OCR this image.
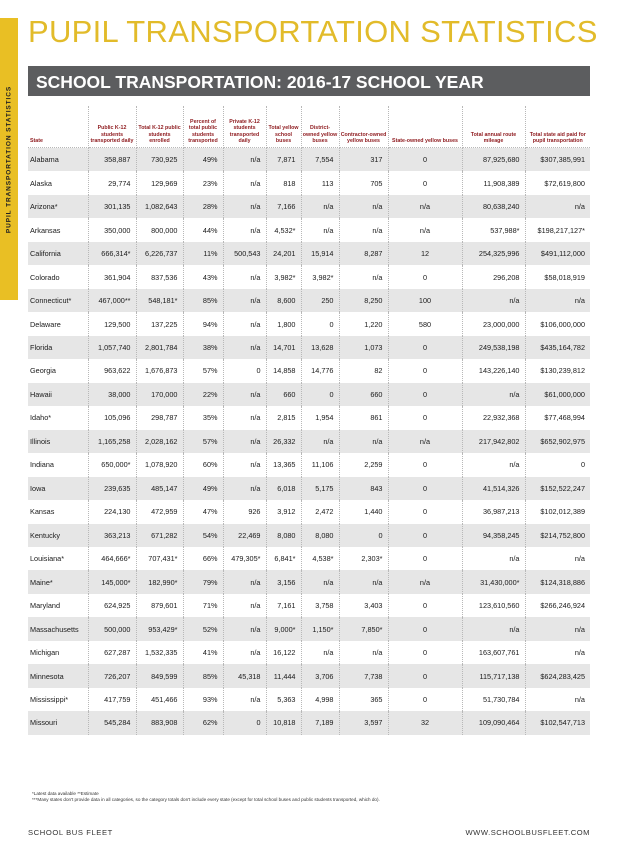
PUPIL TRANSPORTATION STATISTICS
PUPIL TRANSPORTATION STATISTICS
SCHOOL TRANSPORTATION: 2016-17 SCHOOL YEAR
State	Public K-12 students transported daily	Total K-12 public students enrolled	Percent of total public students transported	Private K-12 students transported daily	Total yellow school buses	District-owned yellow buses	Contractor-owned yellow buses	State-owned yellow buses	Total annual route mileage	Total state aid paid for pupil transportation
Alabama	358,887	730,925	49%	n/a	7,871	7,554	317	0	87,925,680	$307,385,991
Alaska	29,774	129,969	23%	n/a	818	113	705	0	11,908,389	$72,619,800
Arizona*	301,135	1,082,643	28%	n/a	7,166	n/a	n/a	n/a	80,638,240	n/a
Arkansas	350,000	800,000	44%	n/a	4,532*	n/a	n/a	n/a	537,988*	$198,217,127*
California	666,314*	6,226,737	11%	500,543	24,201	15,914	8,287	12	254,325,996	$491,112,000
Colorado	361,904	837,536	43%	n/a	3,982*	3,982*	n/a	0	296,208	$58,018,919
Connecticut*	467,000**	548,181*	85%	n/a	8,600	250	8,250	100	n/a	n/a
Delaware	129,500	137,225	94%	n/a	1,800	0	1,220	580	23,000,000	$106,000,000
Florida	1,057,740	2,801,784	38%	n/a	14,701	13,628	1,073	0	249,538,198	$435,164,782
Georgia	963,622	1,676,873	57%	0	14,858	14,776	82	0	143,226,140	$130,239,812
Hawaii	38,000	170,000	22%	n/a	660	0	660	0	n/a	$61,000,000
Idaho*	105,096	298,787	35%	n/a	2,815	1,954	861	0	22,932,368	$77,468,994
Illinois	1,165,258	2,028,162	57%	n/a	26,332	n/a	n/a	n/a	217,942,802	$652,902,975
Indiana	650,000*	1,078,920	60%	n/a	13,365	11,106	2,259	0	n/a	0
Iowa	239,635	485,147	49%	n/a	6,018	5,175	843	0	41,514,326	$152,522,247
Kansas	224,130	472,959	47%	926	3,912	2,472	1,440	0	36,987,213	$102,012,389
Kentucky	363,213	671,282	54%	22,469	8,080	8,080	0	0	94,358,245	$214,752,800
Louisiana*	464,666*	707,431*	66%	479,305*	6,841*	4,538*	2,303*	0	n/a	n/a
Maine*	145,000*	182,990*	79%	n/a	3,156	n/a	n/a	n/a	31,430,000*	$124,318,886
Maryland	624,925	879,601	71%	n/a	7,161	3,758	3,403	0	123,610,560	$266,246,924
Massachusetts	500,000	953,429*	52%	n/a	9,000*	1,150*	7,850*	0	n/a	n/a
Michigan	627,287	1,532,335	41%	n/a	16,122	n/a	n/a	0	163,607,761	n/a
Minnesota	726,207	849,599	85%	45,318	11,444	3,706	7,738	0	115,717,138	$624,283,425
Mississippi*	417,759	451,466	93%	n/a	5,363	4,998	365	0	51,730,784	n/a
Missouri	545,284	883,908	62%	0	10,818	7,189	3,597	32	109,090,464	$102,547,713
*Latest data available **Estimate
***Many states don't provide data in all categories, so the category totals don't include every state (except for total school buses and public students transported, which do).
SCHOOL BUS FLEET	WWW.SCHOOLBUSFLEET.COM
